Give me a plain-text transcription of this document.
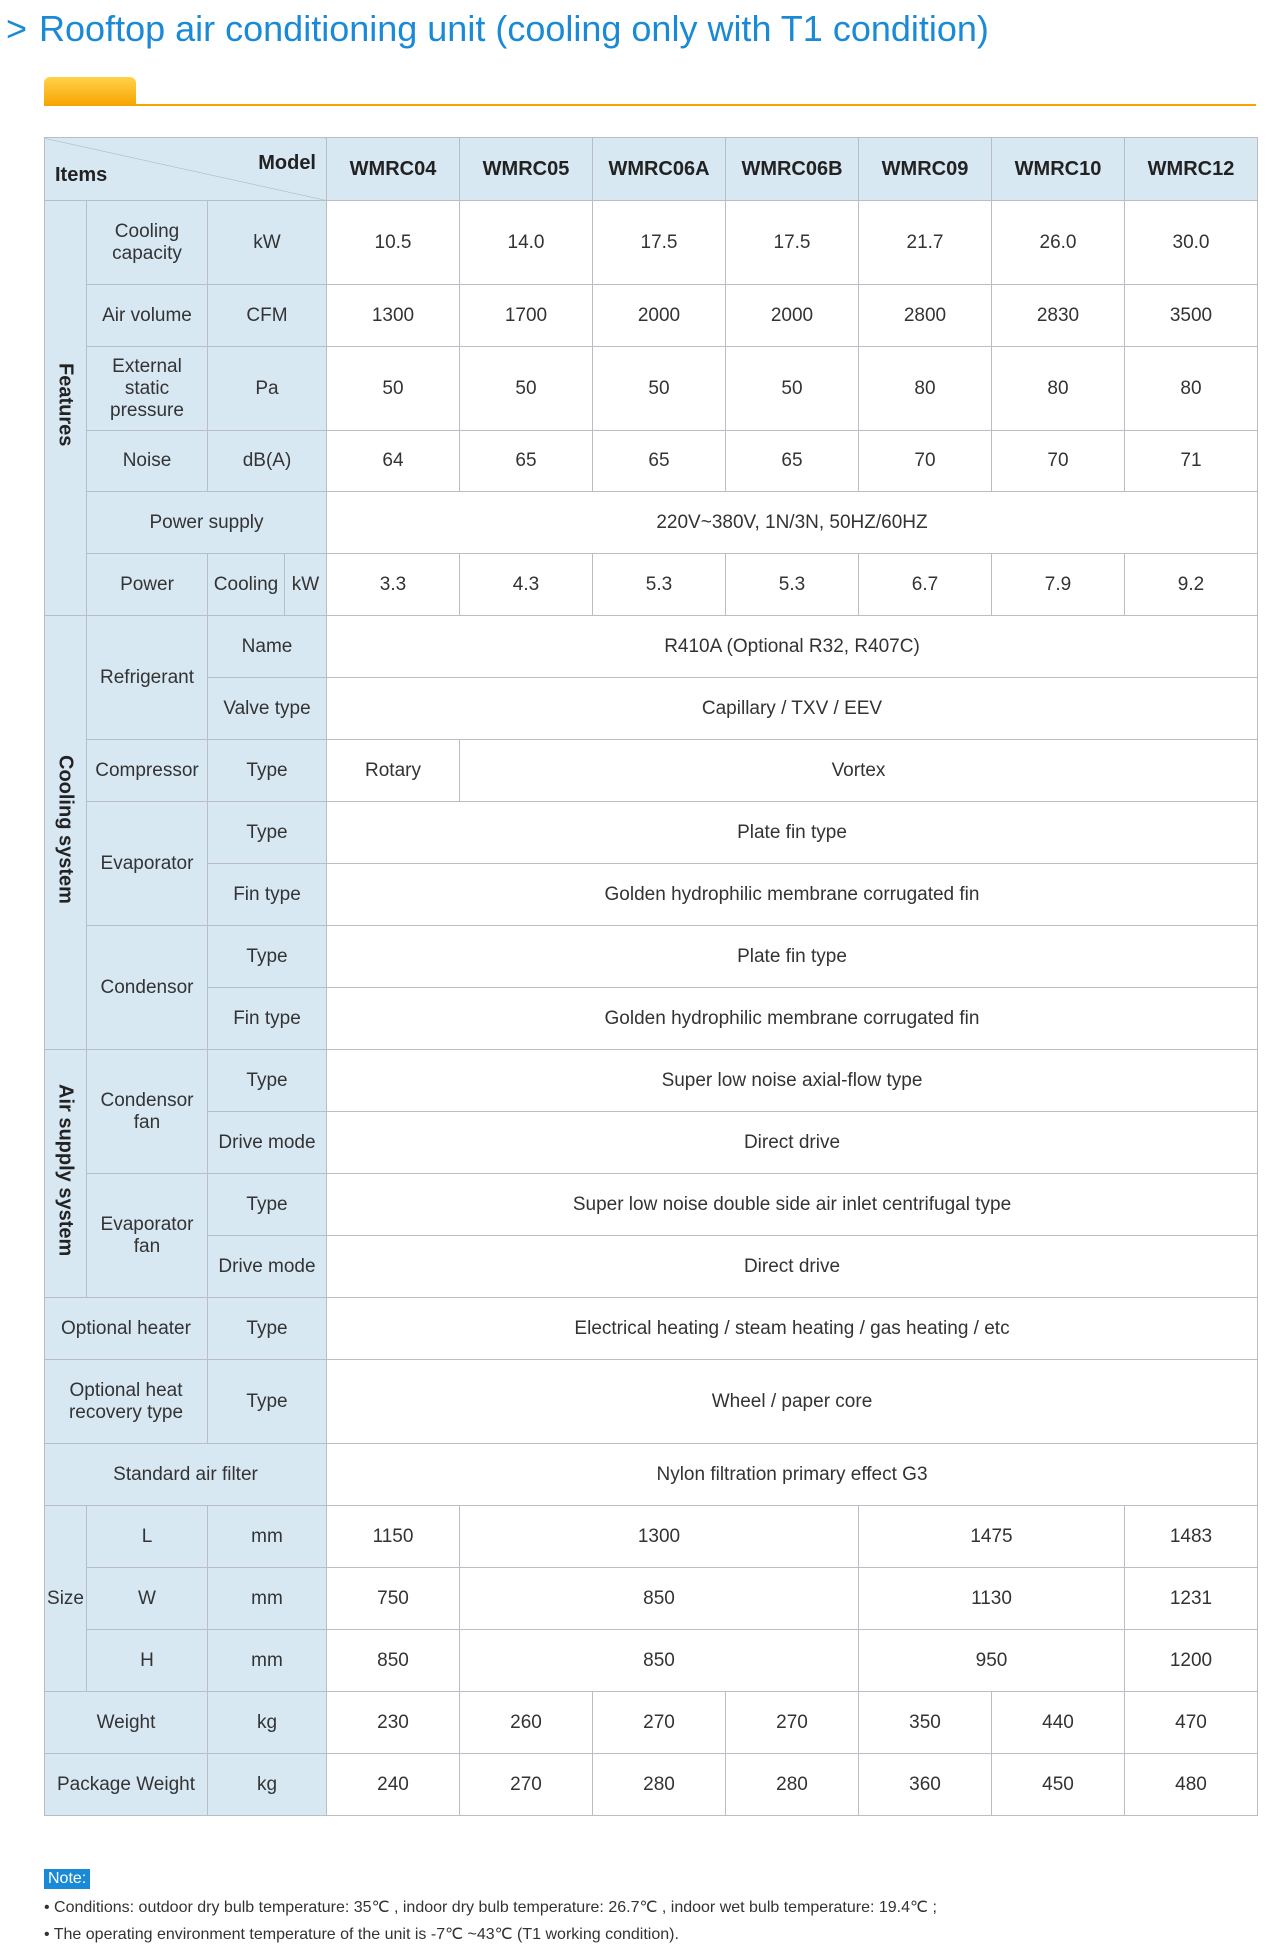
> Rooftop air conditioning unit (cooling only with T1 condition)
Model
Items				WMRC04	WMRC05	WMRC06A	WMRC06B	WMRC09	WMRC10	WMRC12
Features	Cooling capacity	kW		10.5	14.0	17.5	17.5	21.7	26.0	30.0
	Air volume	CFM		1300	1700	2000	2000	2800	2830	3500
	External static pressure	Pa		50	50	50	50	80	80	80
	Noise	dB(A)		64	65	65	65	70	70	71
	Power supply			220V~380V, 1N/3N, 50HZ/60HZ						
	Power	Cooling	kW	3.3	4.3	5.3	5.3	6.7	7.9	9.2
Cooling system	Refrigerant	Name		R410A (Optional R32, R407C)						
		Valve type		Capillary / TXV / EEV						
	Compressor	Type		Rotary	Vortex					
	Evaporator	Type		Plate fin type						
		Fin type		Golden hydrophilic membrane corrugated fin						
	Condensor	Type		Plate fin type						
		Fin type		Golden hydrophilic membrane corrugated fin						
Air supply system	Condensor fan	Type		Super low noise axial-flow type						
		Drive mode		Direct drive						
	Evaporator fan	Type		Super low noise double side air inlet centrifugal type						
		Drive mode		Direct drive						
Optional heater		Type		Electrical heating / steam heating / gas heating / etc						
Optional heat recovery type		Type		Wheel / paper core						
Standard air filter				Nylon filtration primary effect G3						
Size	L	mm		1150	1300			1475		1483
	W	mm		750	850			1130		1231
	H	mm		850	850			950		1200
Weight		kg		230	260	270	270	350	440	470
Package Weight		kg		240	270	280	280	360	450	480
Note:
• Conditions: outdoor dry bulb temperature: 35℃ , indoor dry bulb temperature: 26.7℃ , indoor wet bulb temperature: 19.4℃ ;
• The operating environment temperature of the unit is -7℃ ~43℃ (T1 working condition).
